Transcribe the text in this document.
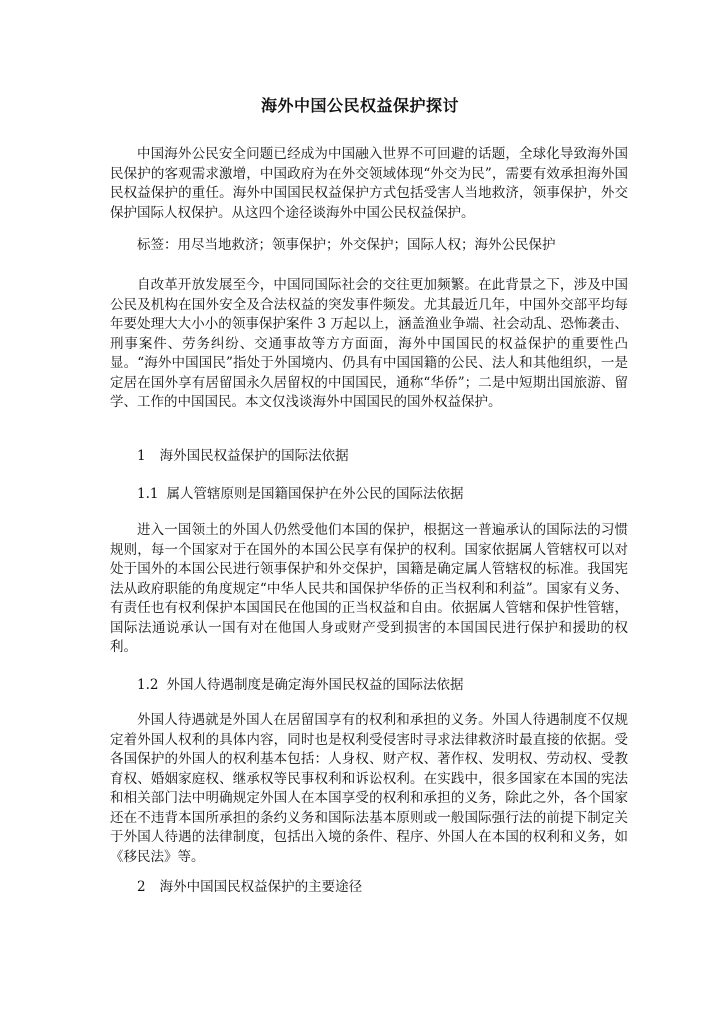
海外中国公民权益保护探讨

中国海外公民安全问题已经成为中国融入世界不可回避的话题，全球化导致海外国民保护的客观需求激增，中国政府为在外交领域体现“外交为民”，需要有效承担海外国民权益保护的重任。海外中国国民权益保护方式包括受害人当地救济，领事保护，外交保护国际人权保护。从这四个途径谈海外中国公民权益保护。

标签：用尽当地救济；领事保护；外交保护；国际人权；海外公民保护

自改革开放发展至今，中国同国际社会的交往更加频繁。在此背景之下，涉及中国公民及机构在国外安全及合法权益的突发事件频发。尤其最近几年，中国外交部平均每年要处理大大小小的领事保护案件 3 万起以上，涵盖渔业争端、社会动乱、恐怖袭击、刑事案件、劳务纠纷、交通事故等方方面面，海外中国国民的权益保护的重要性凸显。“海外中国国民”指处于外国境内、仍具有中国国籍的公民、法人和其他组织，一是定居在国外享有居留国永久居留权的中国国民，通称“华侨”；二是中短期出国旅游、留学、工作的中国国民。本文仅浅谈海外中国国民的国外权益保护。

1 海外国民权益保护的国际法依据
1.1 属人管辖原则是国籍国保护在外公民的国际法依据

进入一国领土的外国人仍然受他们本国的保护，根据这一普遍承认的国际法的习惯规则，每一个国家对于在国外的本国公民享有保护的权利。国家依据属人管辖权可以对处于国外的本国公民进行领事保护和外交保护，国籍是确定属人管辖权的标准。我国宪法从政府职能的角度规定“中华人民共和国保护华侨的正当权利和利益”。国家有义务、有责任也有权利保护本国国民在他国的正当权益和自由。依据属人管辖和保护性管辖，国际法通说承认一国有对在他国人身或财产受到损害的本国国民进行保护和援助的权利。

1.2 外国人待遇制度是确定海外国民权益的国际法依据

外国人待遇就是外国人在居留国享有的权利和承担的义务。外国人待遇制度不仅规定着外国人权利的具体内容，同时也是权利受侵害时寻求法律救济时最直接的依据。受各国保护的外国人的权利基本包括：人身权、财产权、著作权、发明权、劳动权、受教育权、婚姻家庭权、继承权等民事权利和诉讼权利。在实践中，很多国家在本国的宪法和相关部门法中明确规定外国人在本国享受的权利和承担的义务，除此之外，各个国家还在不违背本国所承担的条约义务和国际法基本原则或一般国际强行法的前提下制定关于外国人待遇的法律制度，包括出入境的条件、程序、外国人在本国的权利和义务，如《移民法》等。

2 海外中国国民权益保护的主要途径
